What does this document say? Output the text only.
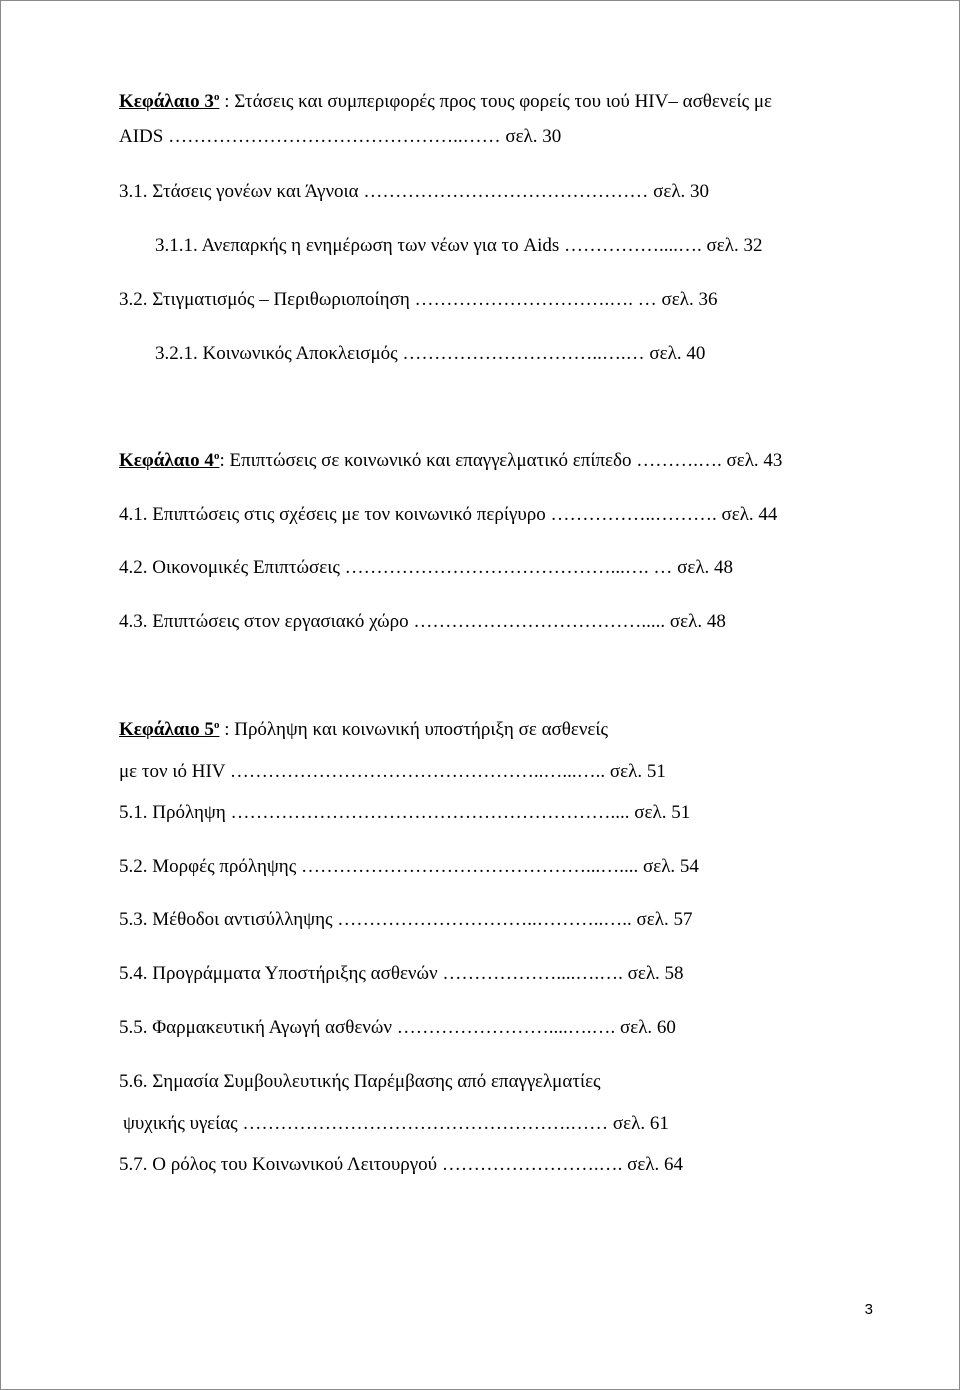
Κεφάλαιο $3^o$ : Στάσεις και συμπεριφορές προς τους φορείς του ιού HIV– ασθενείς με
AIDS ………………………………………..…… σελ. 30
3.1. Στάσεις γονέων και Άγνοια ……………………………………… σελ. 30
3.1.1. Ανεπαρκής η ενημέρωση των νέων για το Aids ……………....…. σελ. 32
3.2. Στιγματισμός – Περιθωριοποίηση ………………………….…. … σελ. 36
3.2.1. Κοινωνικός Αποκλεισμός …………………………..….… σελ. 40
Κεφάλαιο $4^o$: Επιπτώσεις σε κοινωνικό και επαγγελματικό επίπεδο ……….…. σελ. 43
4.1. Επιπτώσεις στις σχέσεις με τον κοινωνικό περίγυρο ……………..………. σελ. 44
4.2. Οικονομικές Επιπτώσεις ……………………………………...…. … σελ. 48
4.3. Επιπτώσεις στον εργασιακό χώρο ………………………………..... σελ. 48
Κεφάλαιο $5^o$ : Πρόληψη και κοινωνική υποστήριξη σε ασθενείς
με τον ιό HIV …………………………………………..…...….. σελ. 51
5.1. Πρόληψη …………………………………………………….... σελ. 51
5.2. Μορφές πρόληψης ………………………………………...….... σελ. 54
5.3. Μέθοδοι αντισύλληψης …………………………..………..….. σελ. 57
5.4. Προγράμματα Υποστήριξης ασθενών ………………....….…. σελ. 58
5.5. Φαρμακευτική Αγωγή ασθενών ……………………....….…. σελ. 60
5.6. Σημασία Συμβουλευτικής Παρέμβασης από επαγγελματίες
ψυχικής υγείας …………………………………………….…… σελ. 61
5.7. Ο ρόλος του Κοινωνικού Λειτουργού …………………….…. σελ. 64
3
